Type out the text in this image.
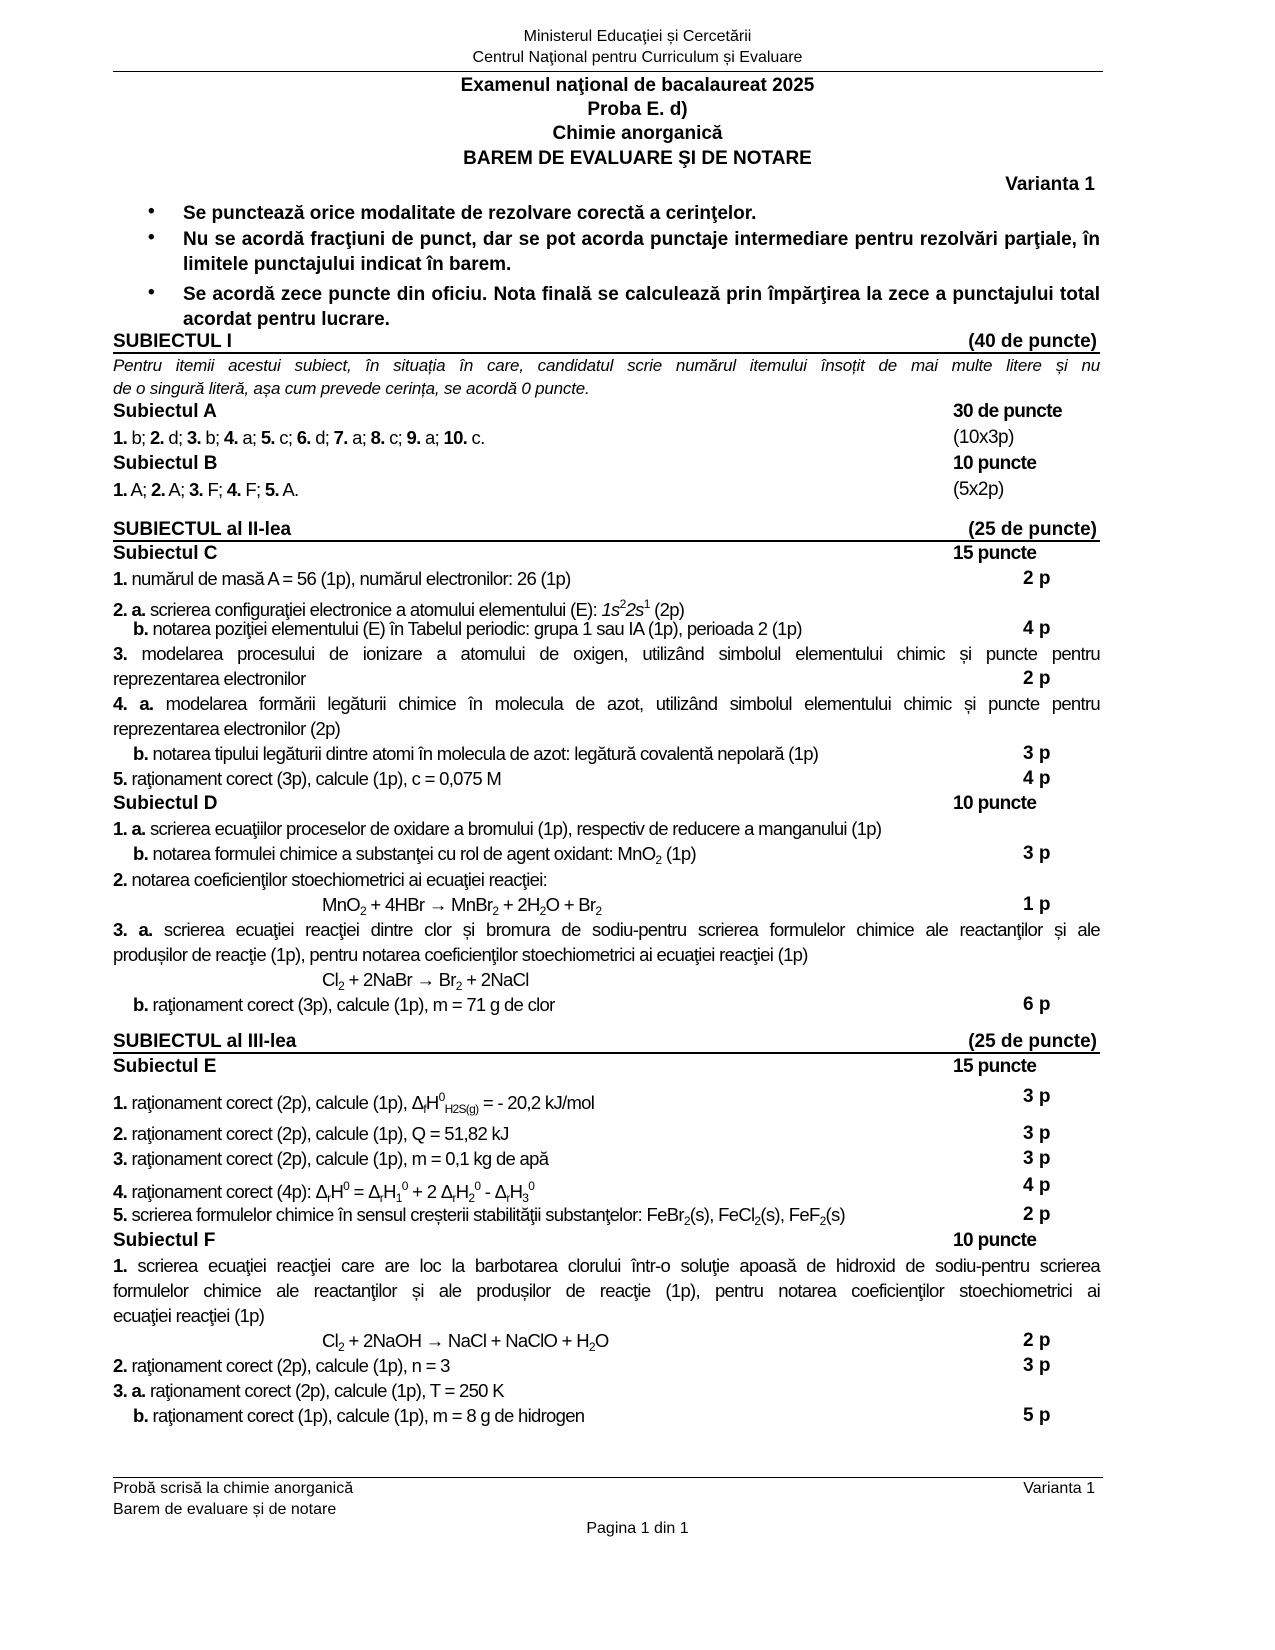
Ministerul Educaţiei și Cercetării
Centrul Naţional pentru Curriculum și Evaluare
Examenul naţional de bacalaureat 2025
Proba E. d)
Chimie anorganică
BAREM DE EVALUARE ŞI DE NOTARE
Varianta 1
• Se punctează orice modalitate de rezolvare corectă a cerinţelor.
• Nu se acordă fracţiuni de punct, dar se pot acorda punctaje intermediare pentru rezolvări parţiale, în limitele punctajului indicat în barem.
• Se acordă zece puncte din oficiu. Nota finală se calculează prin împărţirea la zece a punctajului total acordat pentru lucrare.
SUBIECTUL I	(40 de puncte)
Pentru itemii acestui subiect, în situația în care, candidatul scrie numărul itemului însoțit de mai multe litere și nu
de o singură literă, așa cum prevede cerința, se acordă 0 puncte.
Subiectul A	30 de puncte
1. b; 2. d; 3. b; 4. a; 5. c; 6. d; 7. a; 8. c; 9. a; 10. c.	(10x3p)
Subiectul B	10 puncte
1. A; 2. A; 3. F; 4. F; 5. A.	(5x2p)
SUBIECTUL al II-lea	(25 de puncte)
Subiectul C	15 puncte
1. numărul de masă A = 56 (1p), numărul electronilor: 26 (1p)	2 p
2. a. scrierea configuraţiei electronice a atomului elementului (E): $1s^22s^1$ (2p)
b. notarea poziţiei elementului (E) în Tabelul periodic: grupa 1 sau IA (1p), perioada 2 (1p)	4 p
3. modelarea procesului de ionizare a atomului de oxigen, utilizând simbolul elementului chimic și puncte pentru
reprezentarea electronilor	2 p
4. a. modelarea formării legăturii chimice în molecula de azot, utilizând simbolul elementului chimic și puncte pentru
reprezentarea electronilor (2p)
b. notarea tipului legăturii dintre atomi în molecula de azot: legătură covalentă nepolară (1p)	3 p
5. raţionament corect (3p), calcule (1p), c = 0,075 M	4 p
Subiectul D	10 puncte
1. a. scrierea ecuaţiilor proceselor de oxidare a bromului (1p), respectiv de reducere a manganului (1p)
b. notarea formulei chimice a substanţei cu rol de agent oxidant: MnO$_2$ (1p)	3 p
2. notarea coeficienţilor stoechiometrici ai ecuaţiei reacţiei:
MnO$_2$ + 4HBr → MnBr$_2$ + $2H_2O + Br_2$	1 p
3. a. scrierea ecuaţiei reacţiei dintre clor și bromura de sodiu-pentru scrierea formulelor chimice ale reactanţilor și ale
produșilor de reacţie (1p), pentru notarea coeficienţilor stoechiometrici ai ecuaţiei reacţiei (1p)
$Cl_2$ + 2NaBr → $Br_2$ + 2NaCl
b. raţionament corect (3p), calcule (1p), m = 71 g de clor	6 p
SUBIECTUL al III-lea	(25 de puncte)
Subiectul E	15 puncte
1. raţionament corect (2p), calcule (1p), $\Delta_fH^0_{H2S(g)}$ = - 20,2 kJ/mol	3 p
2. raţionament corect (2p), calcule (1p), Q = 51,82 kJ	3 p
3. raţionament corect (2p), calcule (1p), m = 0,1 kg de apă	3 p
4. raţionament corect (4p): $\Delta_rH^0 = \Delta_rH_1^0 + 2$ $\Delta_rH_2^0 - \Delta_rH_3^0$	4 p
5. scrierea formulelor chimice în sensul creșterii stabilităţii substanţelor: FeBr$_2$(s), FeCl$_2$(s), FeF$_2$(s)	2 p
Subiectul F	10 puncte
1. scrierea ecuaţiei reacţiei care are loc la barbotarea clorului într-o soluţie apoasă de hidroxid de sodiu-pentru scrierea
formulelor chimice ale reactanţilor și ale produșilor de reacţie (1p), pentru notarea coeficienţilor stoechiometrici ai
ecuaţiei reacţiei (1p)
$Cl_2$ + 2NaOH → NaCl + NaClO + $H_2O$	2 p
2. raţionament corect (2p), calcule (1p), n = 3	3 p
3. a. raţionament corect (2p), calcule (1p), T = 250 K
b. raţionament corect (1p), calcule (1p), m = 8 g de hidrogen	5 p
Probă scrisă la chimie anorganică	Varianta 1
Barem de evaluare și de notare
Pagina 1 din 1
